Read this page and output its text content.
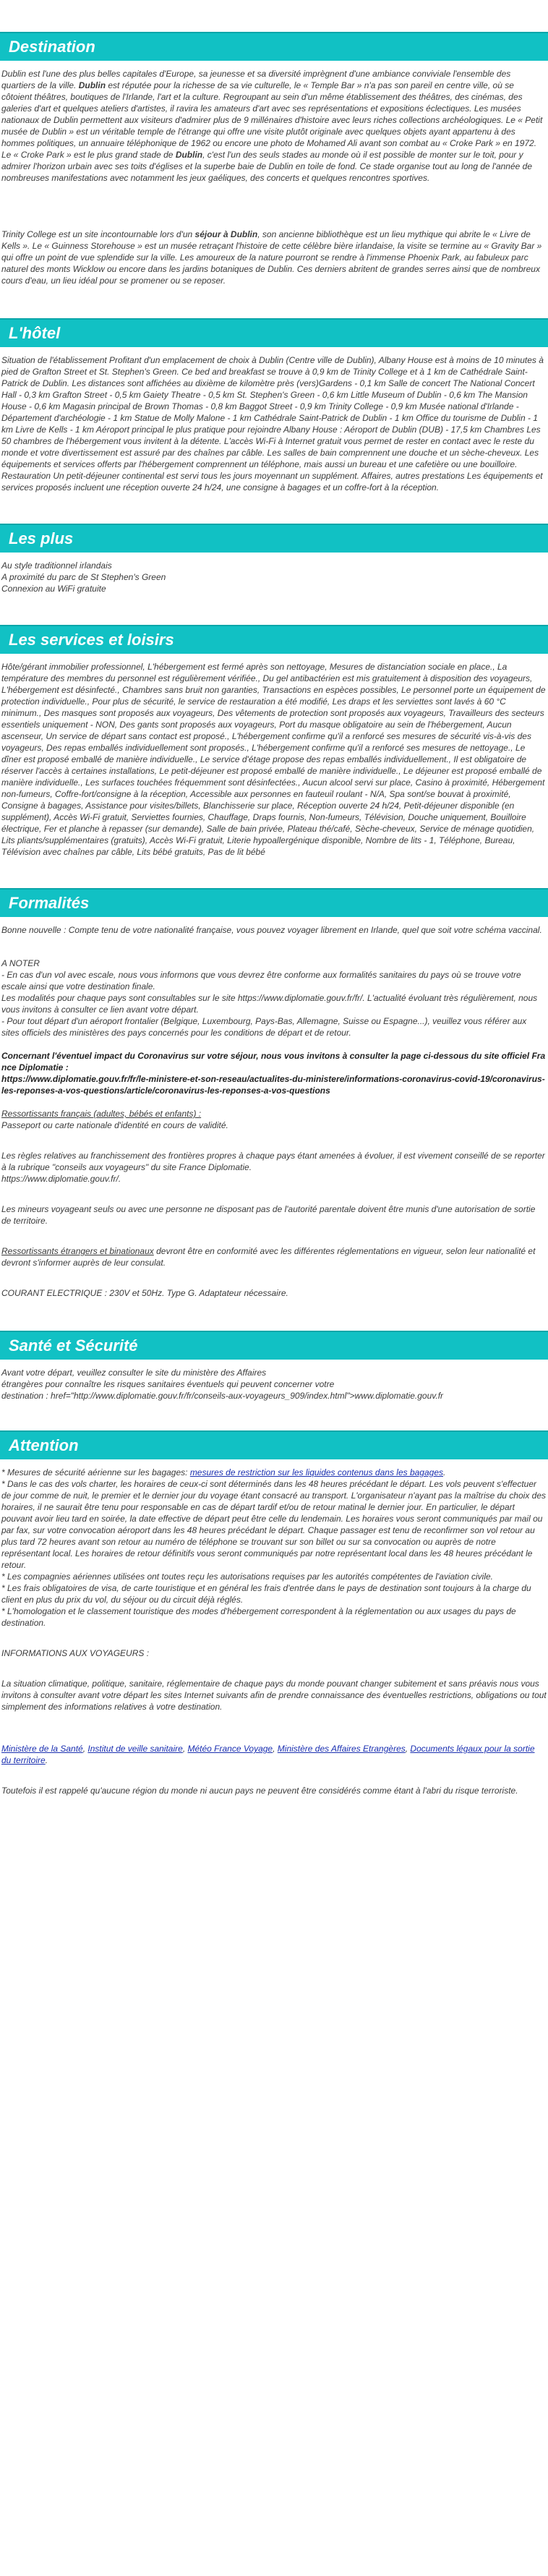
Destination

Dublin est l'une des plus belles capitales d'Europe, sa jeunesse et sa diversité imprègnent d'une ambiance conviviale l'ensemble des quartiers de la ville. Dublin est réputée pour la richesse de sa vie culturelle, le « Temple Bar » n'a pas son pareil en centre ville, où se côtoient théâtres, boutiques de l'Irlande, l'art et la culture. Regroupant au sein d'un même établissement des théâtres, des cinémas, des galeries d'art et quelques ateliers d'artistes, il ravira les amateurs d'art avec ses représentations et expositions éclectiques. Les musées nationaux de Dublin permettent aux visiteurs d'admirer plus de 9 millénaires d'histoire avec leurs riches collections archéologiques. Le « Petit musée de Dublin » est un véritable temple de l'étrange qui offre une visite plutôt originale avec quelques objets ayant appartenu à des hommes politiques, un annuaire téléphonique de 1962 ou encore une photo de Mohamed Ali avant son combat au « Croke Park » en 1972. Le « Croke Park » est le plus grand stade de Dublin, c'est l'un des seuls stades au monde où il est possible de monter sur le toit, pour y admirer l'horizon urbain avec ses toits d'églises et la superbe baie de Dublin en toile de fond. Ce stade organise tout au long de l'année de nombreuses manifestations avec notamment les jeux gaéliques, des concerts et quelques rencontres sportives.

Trinity College est un site incontournable lors d'un séjour à Dublin, son ancienne bibliothèque est un lieu mythique qui abrite le « Livre de Kells ». Le « Guinness Storehouse » est un musée retraçant l'histoire de cette célèbre bière irlandaise, la visite se termine au « Gravity Bar » qui offre un point de vue splendide sur la ville. Les amoureux de la nature pourront se rendre à l'immense Phoenix Park, au fabuleux parc naturel des monts Wicklow ou encore dans les jardins botaniques de Dublin. Ces derniers abritent de grandes serres ainsi que de nombreux cours d'eau, un lieu idéal pour se promener ou se reposer.

L'hôtel

Situation de l'établissement Profitant d'un emplacement de choix à Dublin (Centre ville de Dublin), Albany House est à moins de 10 minutes à pied de Grafton Street et St. Stephen's Green. Ce bed and breakfast se trouve à 0,9 km de Trinity College et à 1 km de Cathédrale Saint-Patrick de Dublin. Les distances sont affichées au dixième de kilomètre près (vers)Gardens - 0,1 km Salle de concert The National Concert Hall - 0,3 km Grafton Street - 0,5 km Gaiety Theatre - 0,5 km St. Stephen's Green - 0,6 km Little Museum of Dublin - 0,6 km The Mansion House - 0,6 km Magasin principal de Brown Thomas - 0,8 km Baggot Street - 0,9 km Trinity College - 0,9 km Musée national d'Irlande - Département d'archéologie - 1 km Statue de Molly Malone - 1 km Cathédrale Saint-Patrick de Dublin - 1 km Office du tourisme de Dublin - 1 km Livre de Kells - 1 km Aéroport principal le plus pratique pour rejoindre Albany House : Aéroport de Dublin (DUB) - 17,5 km Chambres Les 50 chambres de l'hébergement vous invitent à la détente. L'accès Wi-Fi à Internet gratuit vous permet de rester en contact avec le reste du monde et votre divertissement est assuré par des chaînes par câble. Les salles de bain comprennent une douche et un sèche-cheveux. Les équipements et services offerts par l'hébergement comprennent un téléphone, mais aussi un bureau et une cafetière ou une bouilloire. Restauration Un petit-déjeuner continental est servi tous les jours moyennant un supplément. Affaires, autres prestations Les équipements et services proposés incluent une réception ouverte 24 h/24, une consigne à bagages et un coffre-fort à la réception.

Les plus

Au style traditionnel irlandais

A proximité du parc de St Stephen's Green

Connexion au WiFi gratuite

Les services et loisirs

Hôte/gérant immobilier professionnel, L'hébergement est fermé après son nettoyage, Mesures de distanciation sociale en place., La température des membres du personnel est régulièrement vérifiée., Du gel antibactérien est mis gratuitement à disposition des voyageurs, L'hébergement est désinfecté., Chambres sans bruit non garanties, Transactions en espèces possibles, Le personnel porte un équipement de protection individuelle., Pour plus de sécurité, le service de restauration a été modifié, Les draps et les serviettes sont lavés à 60 °C minimum., Des masques sont proposés aux voyageurs, Des vêtements de protection sont proposés aux voyageurs, Travailleurs des secteurs essentiels uniquement - NON, Des gants sont proposés aux voyageurs, Port du masque obligatoire au sein de l'hébergement, Aucun ascenseur, Un service de départ sans contact est proposé., L'hébergement confirme qu'il a renforcé ses mesures de sécurité vis-à-vis des voyageurs, Des repas emballés individuellement sont proposés., L'hébergement confirme qu'il a renforcé ses mesures de nettoyage., Le dîner est proposé emballé de manière individuelle., Le service d'étage propose des repas emballés individuellement., Il est obligatoire de réserver l'accès à certaines installations, Le petit-déjeuner est proposé emballé de manière individuelle., Le déjeuner est proposé emballé de manière individuelle., Les surfaces touchées fréquemment sont désinfectées., Aucun alcool servi sur place, Casino à proximité, Hébergement non-fumeurs, Coffre-fort/consigne à la réception, Accessible aux personnes en fauteuil roulant - N/A, Spa sont/se bouvat à proximité, Consigne à bagages, Assistance pour visites/billets, Blanchisserie sur place, Réception ouverte 24 h/24, Petit-déjeuner disponible (en supplément), Accès Wi-Fi gratuit, Serviettes fournies, Chauffage, Draps fournis, Non-fumeurs, Télévision, Douche uniquement, Bouilloire électrique, Fer et planche à repasser (sur demande), Salle de bain privée, Plateau thé/café, Sèche-cheveux, Service de ménage quotidien, Lits pliants/supplémentaires (gratuits), Accès Wi-Fi gratuit, Literie hypoallergénique disponible, Nombre de lits - 1, Téléphone, Bureau, Télévision avec chaînes par câble, Lits bébé gratuits, Pas de lit bébé

Formalités

Bonne nouvelle : Compte tenu de votre nationalité française, vous pouvez voyager librement en Irlande, quel que soit votre schéma vaccinal.

A NOTER

- En cas d'un vol avec escale, nous vous informons que vous devrez être conforme aux formalités sanitaires du pays où se trouve votre escale ainsi que votre destination finale.
Les modalités pour chaque pays sont consultables sur le site https://www.diplomatie.gouv.fr/fr/. L'actualité évoluant très régulièrement, nous vous invitons à consulter ce lien avant votre départ.
- Pour tout départ d'un aéroport frontalier (Belgique, Luxembourg, Pays-Bas, Allemagne, Suisse ou Espagne...), veuillez vous référer aux sites officiels des ministères des pays concernés pour les conditions de départ et de retour.

Concernant l'éventuel impact du Coronavirus sur votre séjour, nous vous invitons à consulter la page ci-dessous du site officiel France Diplomatie :
https://www.diplomatie.gouv.fr/fr/le-ministere-et-son-reseau/actualites-du-ministere/informations-coronavirus-covid-19/coronavirus-les-reponses-a-vos-questions/article/coronavirus-les-reponses-a-vos-questions

Ressortissants français (adultes, bébés et enfants) :

Passeport ou carte nationale d'identité en cours de validité.

Les règles relatives au franchissement des frontières propres à chaque pays étant amenées à évoluer, il est vivement conseillé de se reporter à la rubrique "conseils aux voyageurs" du site France Diplomatie.
https://www.diplomatie.gouv.fr/.

Les mineurs voyageant seuls ou avec une personne ne disposant pas de l'autorité parentale doivent être munis d'une autorisation de sortie de territoire.

Ressortissants étrangers et binationaux devront être en conformité avec les différentes réglementations en vigueur, selon leur nationalité et devront s'informer auprès de leur consulat.

COURANT ELECTRIQUE : 230V et 50Hz. Type G. Adaptateur nécessaire.

Santé et Sécurité

Avant votre départ, veuillez consulter le site du ministère des Affaires
étrangères pour connaître les risques sanitaires éventuels qui peuvent concerner votre
destination : href="http://www.diplomatie.gouv.fr/fr/conseils-aux-voyageurs_909/index.html">www.diplomatie.gouv.fr

Attention

* Mesures de sécurité aérienne sur les bagages: mesures de restriction sur les liquides contenus dans les bagages.

* Dans le cas des vols charter, les horaires de ceux-ci sont déterminés dans les 48 heures précédant le départ. Les vols peuvent s'effectuer de jour comme de nuit, le premier et le dernier jour du voyage étant consacré au transport. L'organisateur n'ayant pas la maîtrise du choix des horaires, il ne saurait être tenu pour responsable en cas de départ tardif et/ou de retour matinal le dernier jour. En particulier, le départ pouvant avoir lieu tard en soirée, la date effective de départ peut être celle du lendemain. Les horaires vous seront communiqués par mail ou par fax, sur votre convocation aéroport dans les 48 heures précédant le départ. Chaque passager est tenu de reconfirmer son vol retour au plus tard 72 heures avant son retour au numéro de téléphone se trouvant sur son billet ou sur sa convocation ou auprès de notre représentant local. Les horaires de retour définitifs vous seront communiqués par notre représentant local dans les 48 heures précédant le retour.

* Les compagnies aériennes utilisées ont toutes reçu les autorisations requises par les autorités compétentes de l'aviation civile.

* Les frais obligatoires de visa, de carte touristique et en général les frais d'entrée dans le pays de destination sont toujours à la charge du client en plus du prix du vol, du séjour ou du circuit déjà réglés.

* L'homologation et le classement touristique des modes d'hébergement correspondent à la réglementation ou aux usages du pays de destination.

INFORMATIONS AUX VOYAGEURS :

La situation climatique, politique, sanitaire, réglementaire de chaque pays du monde pouvant changer subitement et sans préavis nous vous invitons à consulter avant votre départ les sites Internet suivants afin de prendre connaissance des éventuelles restrictions, obligations ou tout simplement des informations relatives à votre destination.

Ministère de la Santé, Institut de veille sanitaire, Météo France Voyage, Ministère des Affaires Etrangères, Documents légaux pour la sortie du territoire.

Toutefois il est rappelé qu'aucune région du monde ni aucun pays ne peuvent être considérés comme étant à l'abri du risque terroriste.
